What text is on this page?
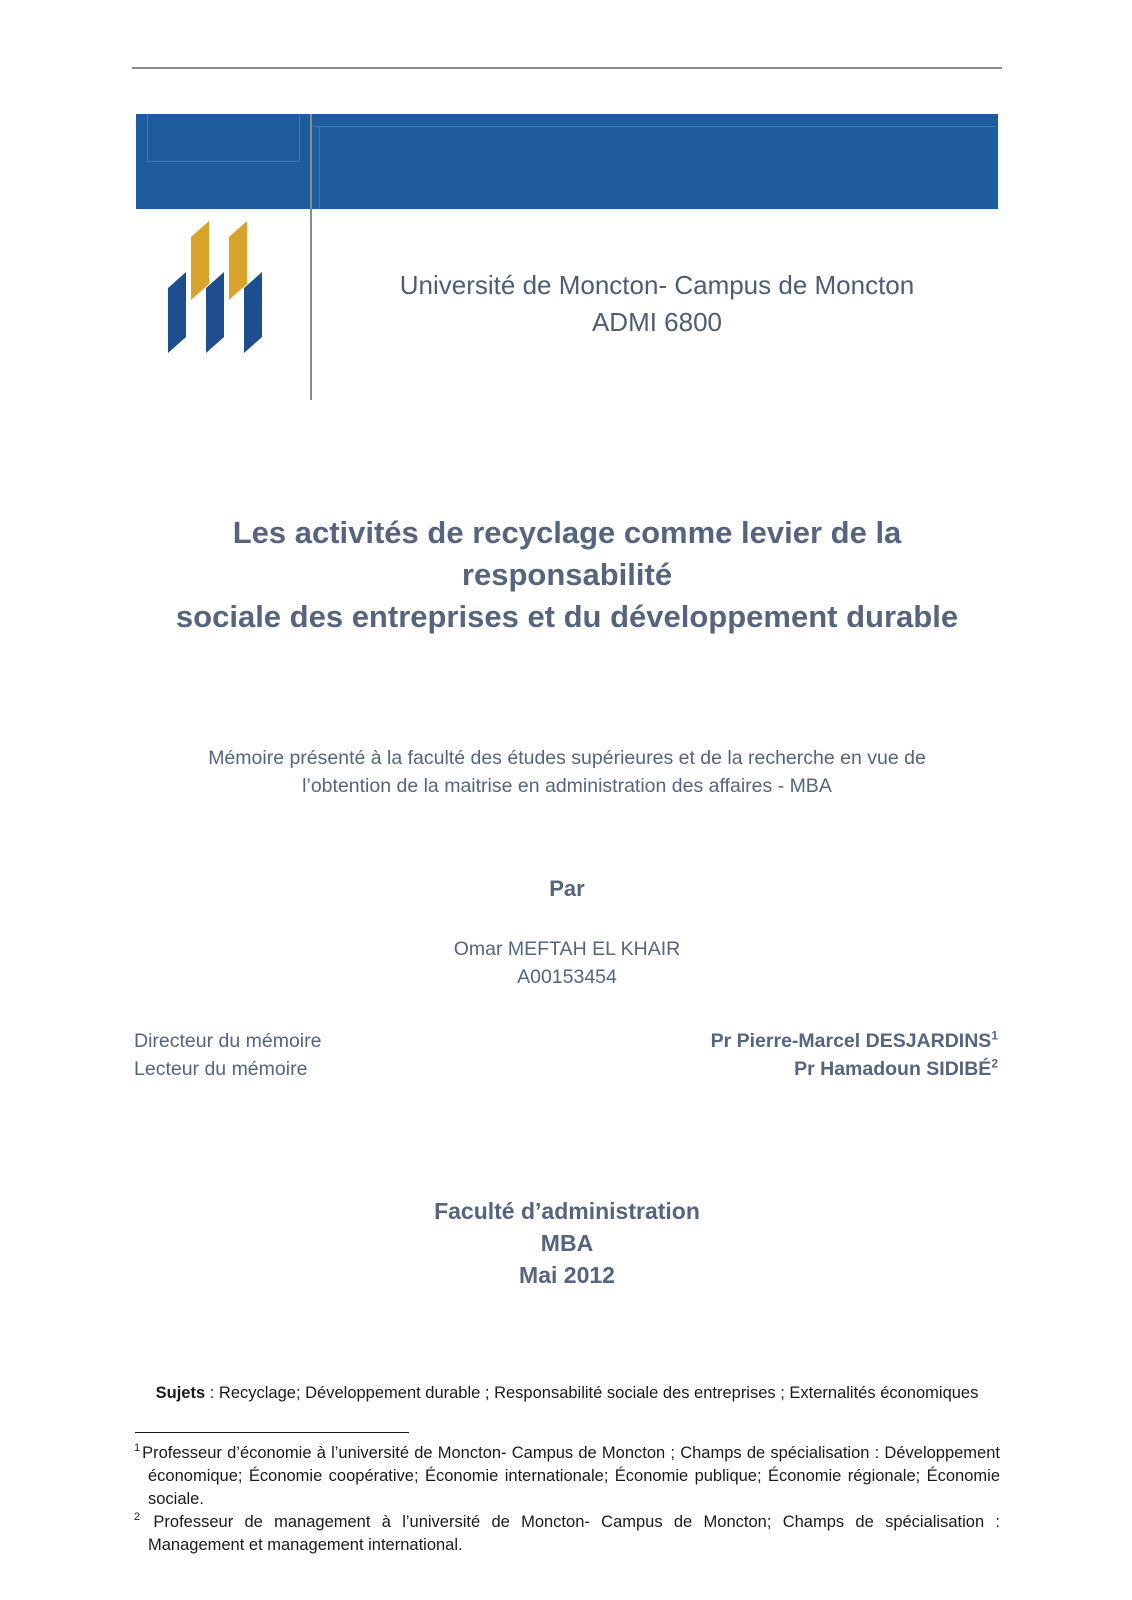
Université de Moncton- Campus de Moncton
ADMI 6800
Les activités de recyclage comme levier de la responsabilité
sociale des entreprises et du développement durable
Mémoire présenté à la faculté des études supérieures et de la recherche en vue de
l’obtention de la maitrise en administration des affaires - MBA
Par
Omar MEFTAH EL KHAIR
A00153454
Directeur du mémoire
Lecteur du mémoire
Pr Pierre-Marcel DESJARDINS$^1$
Pr Hamadoun SIDIBÉ$^2$
Faculté d’administration
MBA
Mai 2012
Sujets : Recyclage; Développement durable ; Responsabilité sociale des entreprises ; Externalités économiques

$^1$ Professeur d’économie à l’université de Moncton- Campus de Moncton ; Champs de spécialisation : Développement économique; Économie coopérative; Économie internationale; Économie publique; Économie régionale; Économie sociale.

$^2$ Professeur de management à l’université de Moncton- Campus de Moncton; Champs de spécialisation : Management et management international.
